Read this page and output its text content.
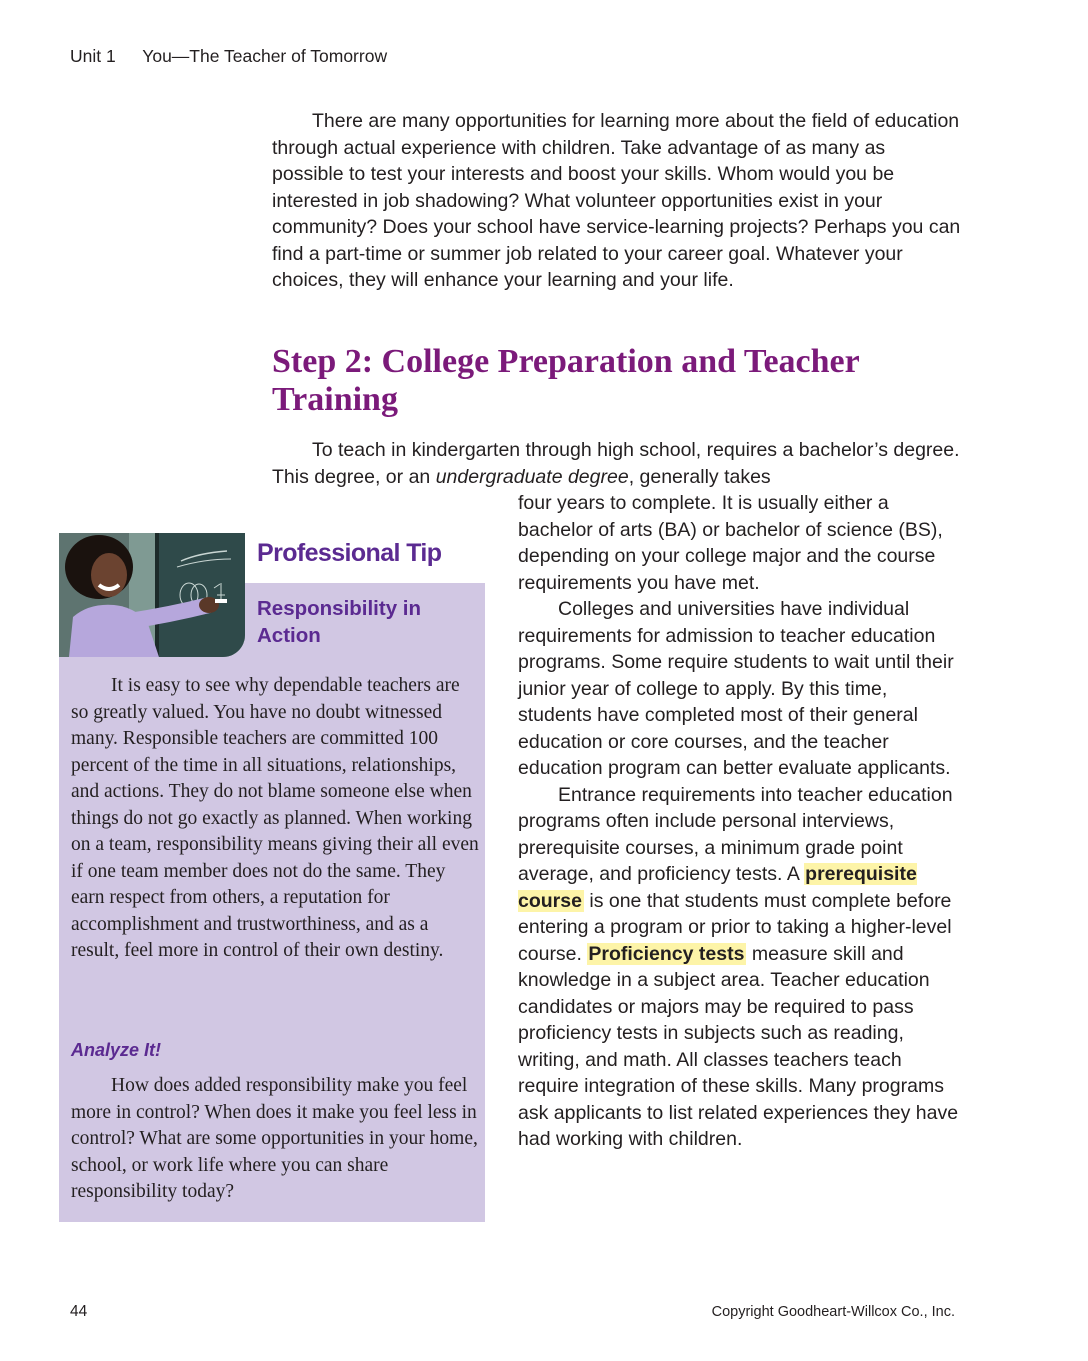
Unit 1 You—The Teacher of Tomorrow

There are many opportunities for learning more about the field of education through actual experience with children. Take advantage of as many as possible to test your interests and boost your skills. Whom would you be interested in job shadowing? What volunteer opportunities exist in your community? Does your school have service-learning projects? Perhaps you can find a part-time or summer job related to your career goal. Whatever your choices, they will enhance your learning and your life.

Step 2: College Preparation and Teacher Training

To teach in kindergarten through high school, requires a bachelor’s degree. This degree, or an undergraduate degree, generally takes

four years to complete. It is usually either a bachelor of arts (BA) or bachelor of science (BS), depending on your college major and the course requirements you have met.

Colleges and universities have individual requirements for admission to teacher education programs. Some require students to wait until their junior year of college to apply. By this time, students have completed most of their general education or core courses, and the teacher education program can better evaluate applicants.

Entrance requirements into teacher education programs often include personal interviews, prerequisite courses, a minimum grade point average, and proficiency tests. A prerequisite course is one that students must complete before entering a program or prior to taking a higher-level course. Proficiency tests measure skill and knowledge in a subject area. Teacher education candidates or majors may be required to pass proficiency tests in subjects such as reading, writing, and math. All classes teachers teach require integration of these skills. Many programs ask applicants to list related experiences they have had working with children.

Professional Tip

Responsibility in Action

It is easy to see why dependable teachers are so greatly valued. You have no doubt witnessed many. Responsible teachers are committed 100 percent of the time in all situations, relationships, and actions. They do not blame someone else when things do not go exactly as planned. When working on a team, responsibility means giving their all even if one team member does not do the same. They earn respect from others, a reputation for accomplishment and trustworthiness, and as a result, feel more in control of their own destiny.

Analyze It!

How does added responsibility make you feel more in control? When does it make you feel less in control? What are some opportunities in your home, school, or work life where you can share responsibility today?

44	Copyright Goodheart-Willcox Co., Inc.
